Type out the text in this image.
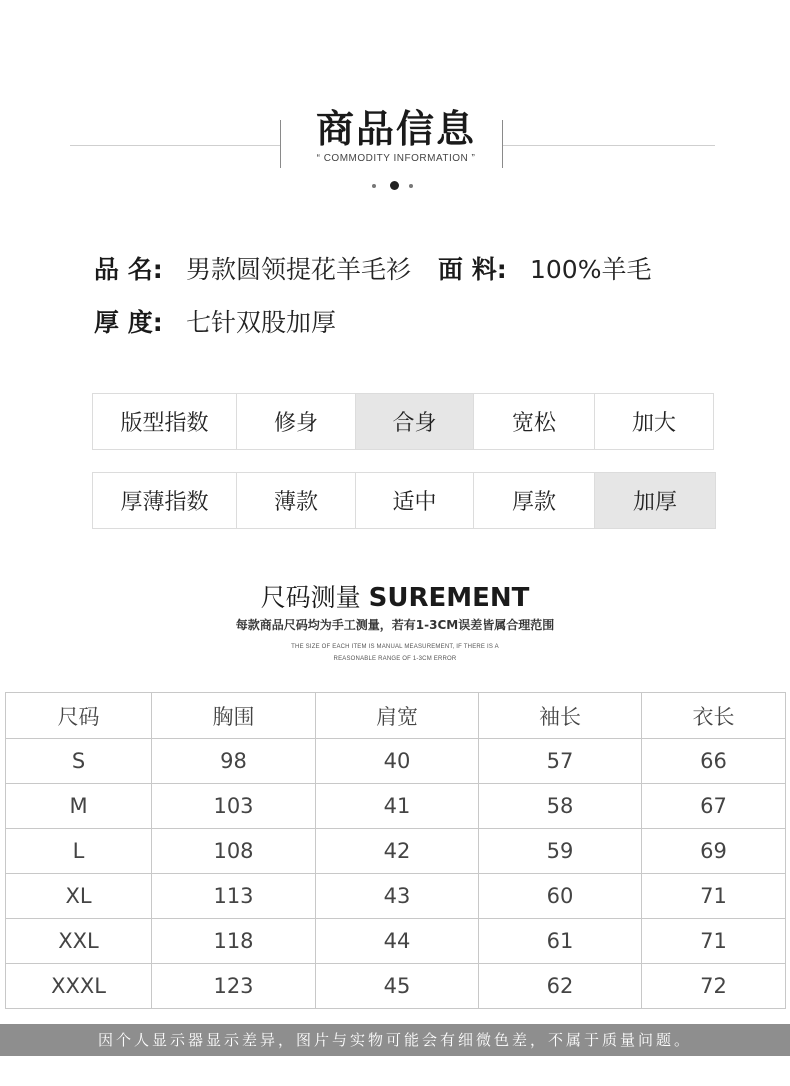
商品信息
“ COMMODITY INFORMATION ”
品 名: 男款圆领提花羊毛衫 面 料: 100%羊毛
厚 度: 七针双股加厚
版型指数	修身	合身	宽松	加大
厚薄指数	薄款	适中	厚款	加厚
尺码测量 SUREMENT
每款商品尺码均为手工测量，若有1-3CM误差皆属合理范围
THE SIZE OF EACH ITEM IS MANUAL MEASUREMENT, IF THERE IS A
REASONABLE RANGE OF 1-3CM ERROR
尺码	胸围	肩宽	袖长	衣长
S	98	40	57	66
M	103	41	58	67
L	108	42	59	69
XL	113	43	60	71
XXL	118	44	61	71
XXXL	123	45	62	72
因个人显示器显示差异，图片与实物可能会有细微色差，不属于质量问题。
